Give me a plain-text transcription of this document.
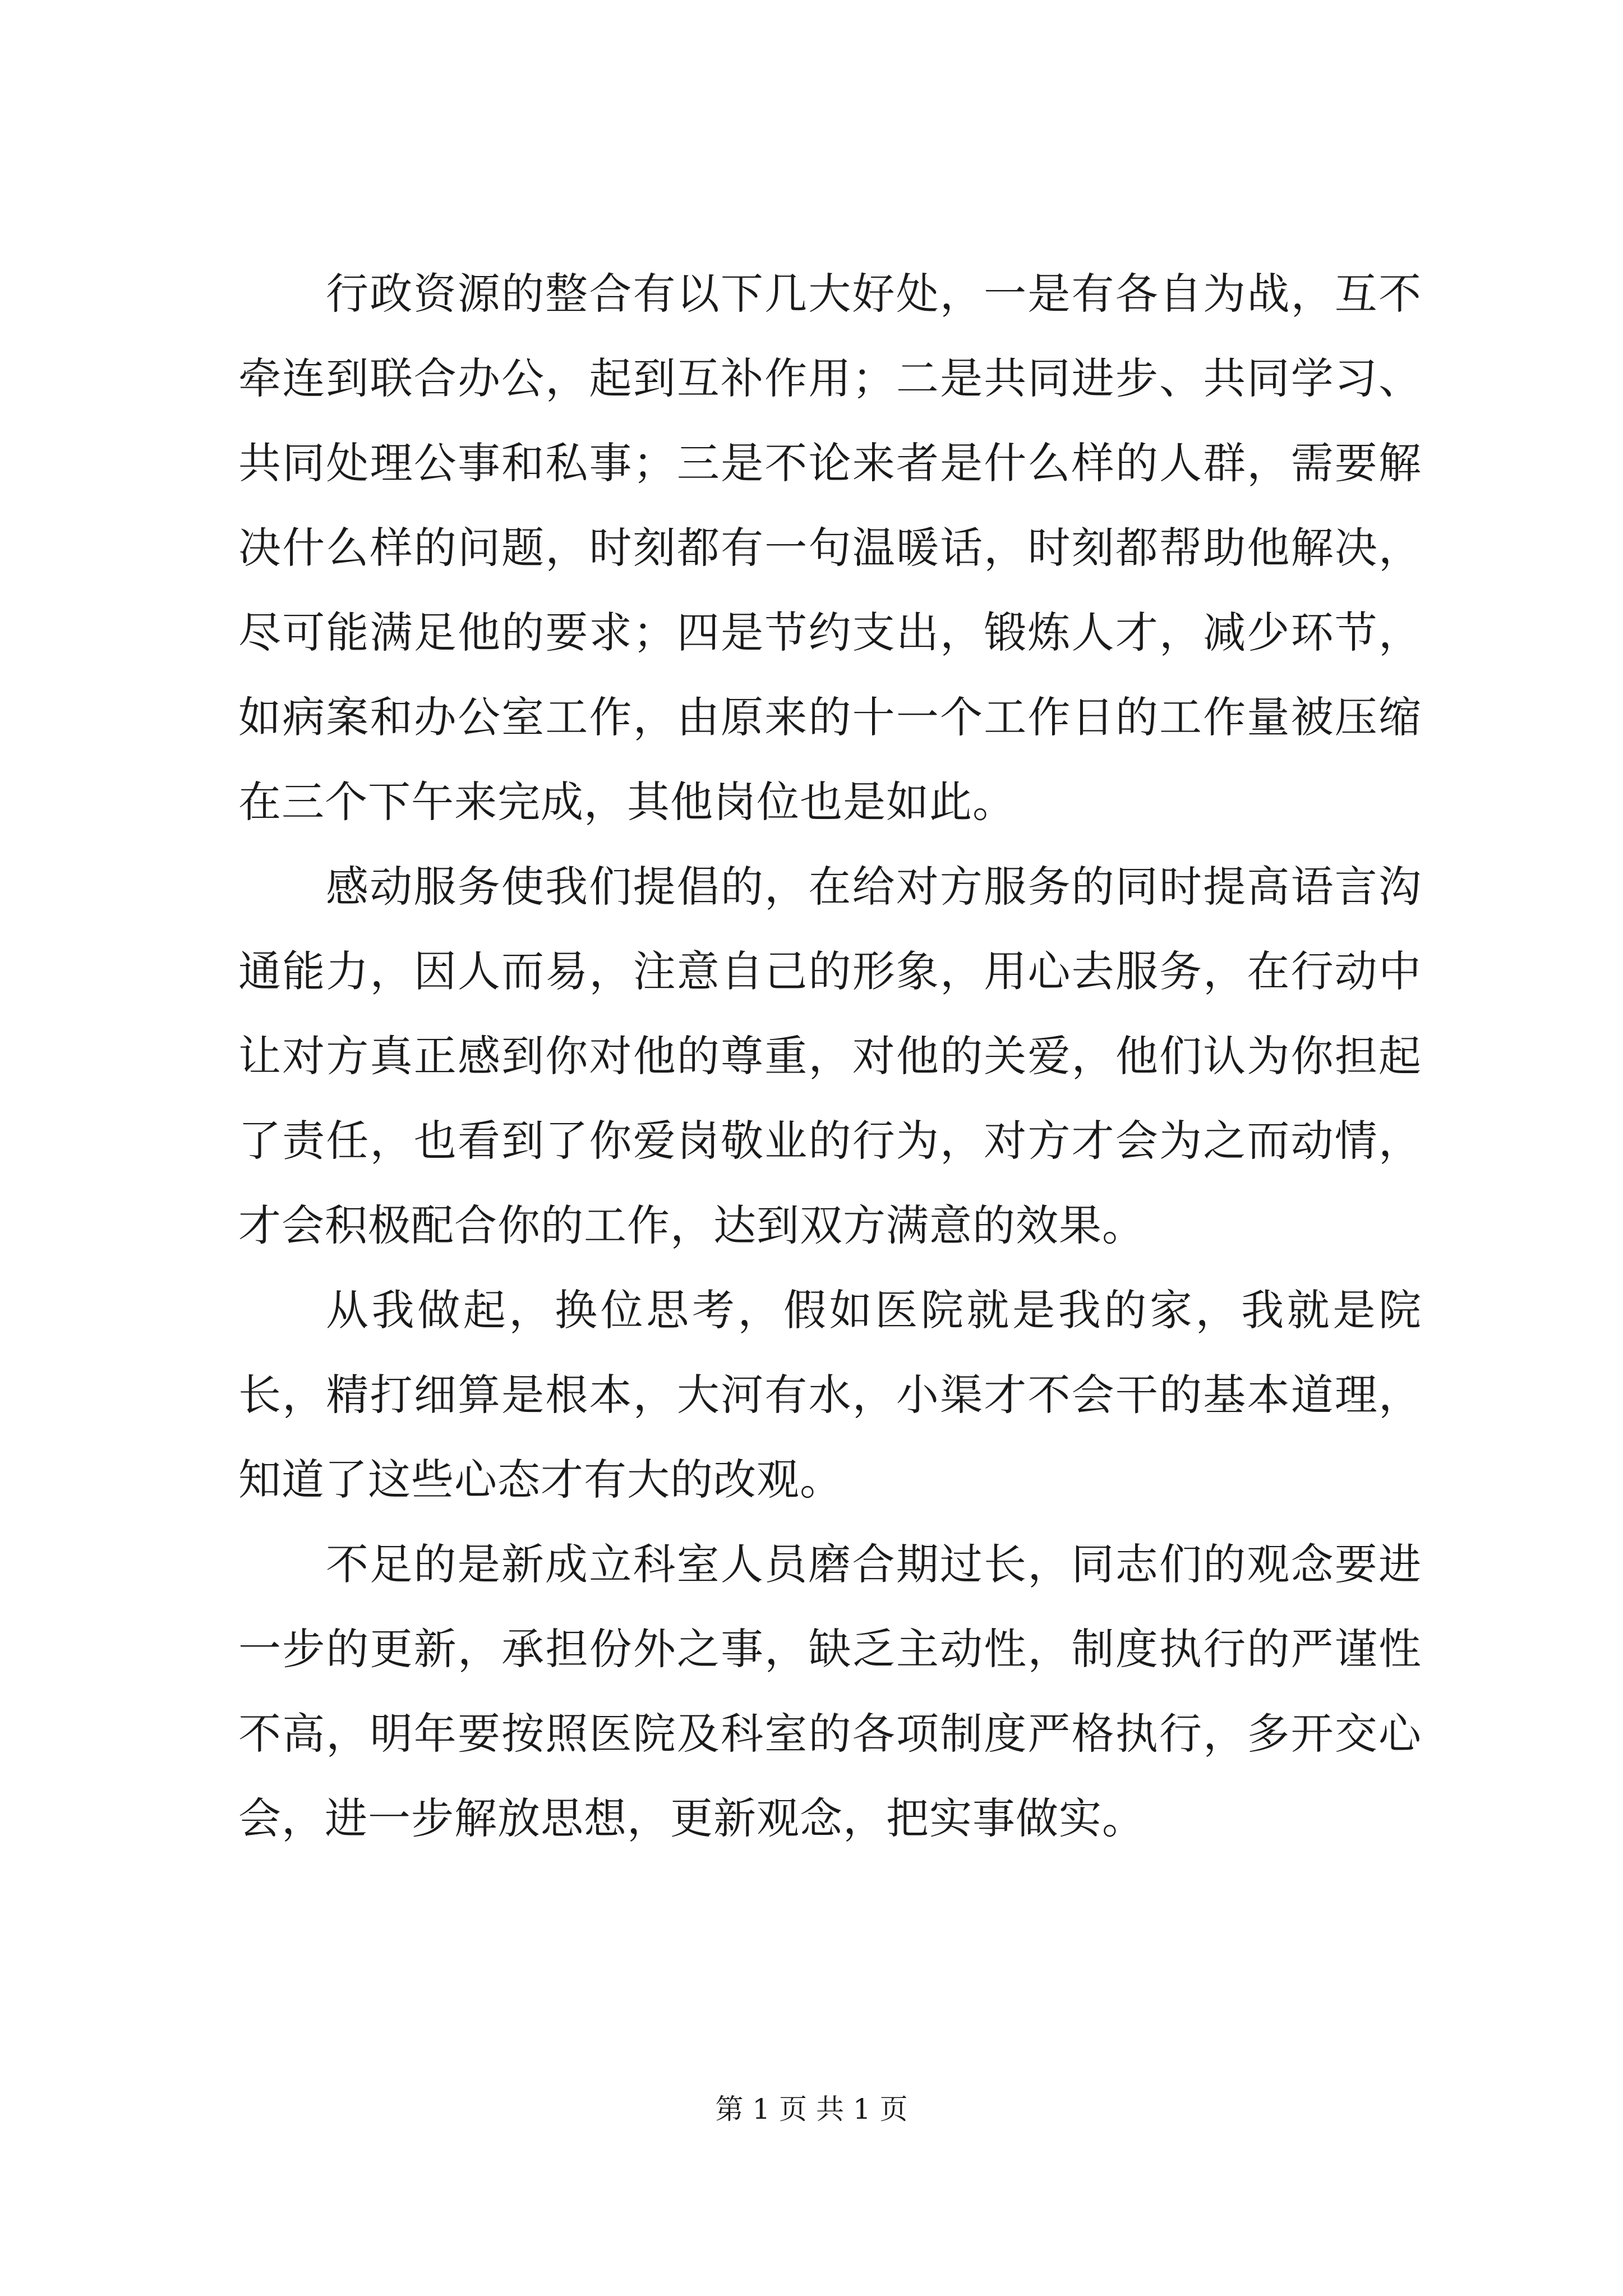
行政资源的整合有以下几大好处，一是有各自为战，互不牵连到联合办公，起到互补作用；二是共同进步、共同学习、共同处理公事和私事；三是不论来者是什么样的人群，需要解决什么样的问题，时刻都有一句温暖话，时刻都帮助他解决，尽可能满足他的要求；四是节约支出，锻炼人才，减少环节，如病案和办公室工作，由原来的十一个工作日的工作量被压缩在三个下午来完成，其他岗位也是如此。

感动服务使我们提倡的，在给对方服务的同时提高语言沟通能力，因人而易，注意自己的形象，用心去服务，在行动中让对方真正感到你对他的尊重，对他的关爱，他们认为你担起了责任，也看到了你爱岗敬业的行为，对方才会为之而动情，才会积极配合你的工作，达到双方满意的效果。

从我做起，换位思考，假如医院就是我的家，我就是院长，精打细算是根本，大河有水，小渠才不会干的基本道理，知道了这些心态才有大的改观。

不足的是新成立科室人员磨合期过长，同志们的观念要进一步的更新，承担份外之事，缺乏主动性，制度执行的严谨性不高，明年要按照医院及科室的各项制度严格执行，多开交心会，进一步解放思想，更新观念，把实事做实。

第 1 页 共 1 页
